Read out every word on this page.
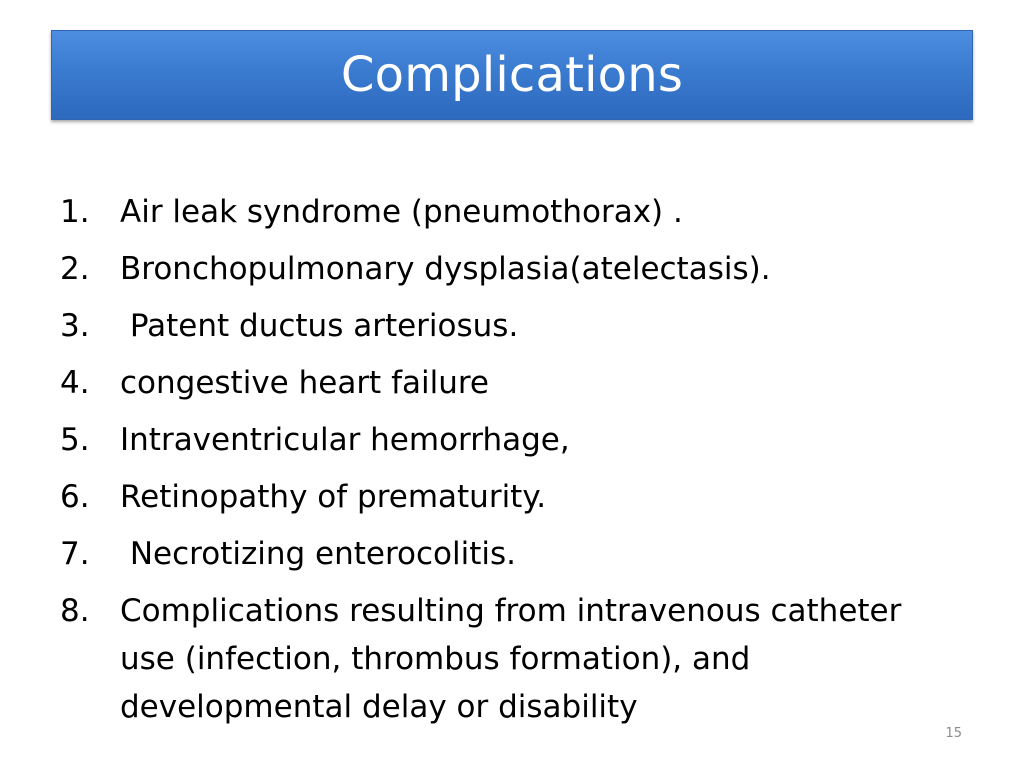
Complications
1. Air leak syndrome (pneumothorax) .
2. Bronchopulmonary dysplasia(atelectasis).
3. Patent ductus arteriosus.
4. congestive heart failure
5. Intraventricular hemorrhage,
6. Retinopathy of prematurity.
7. Necrotizing enterocolitis.
8. Complications resulting from intravenous catheter use (infection, thrombus formation), and developmental delay or disability
15
